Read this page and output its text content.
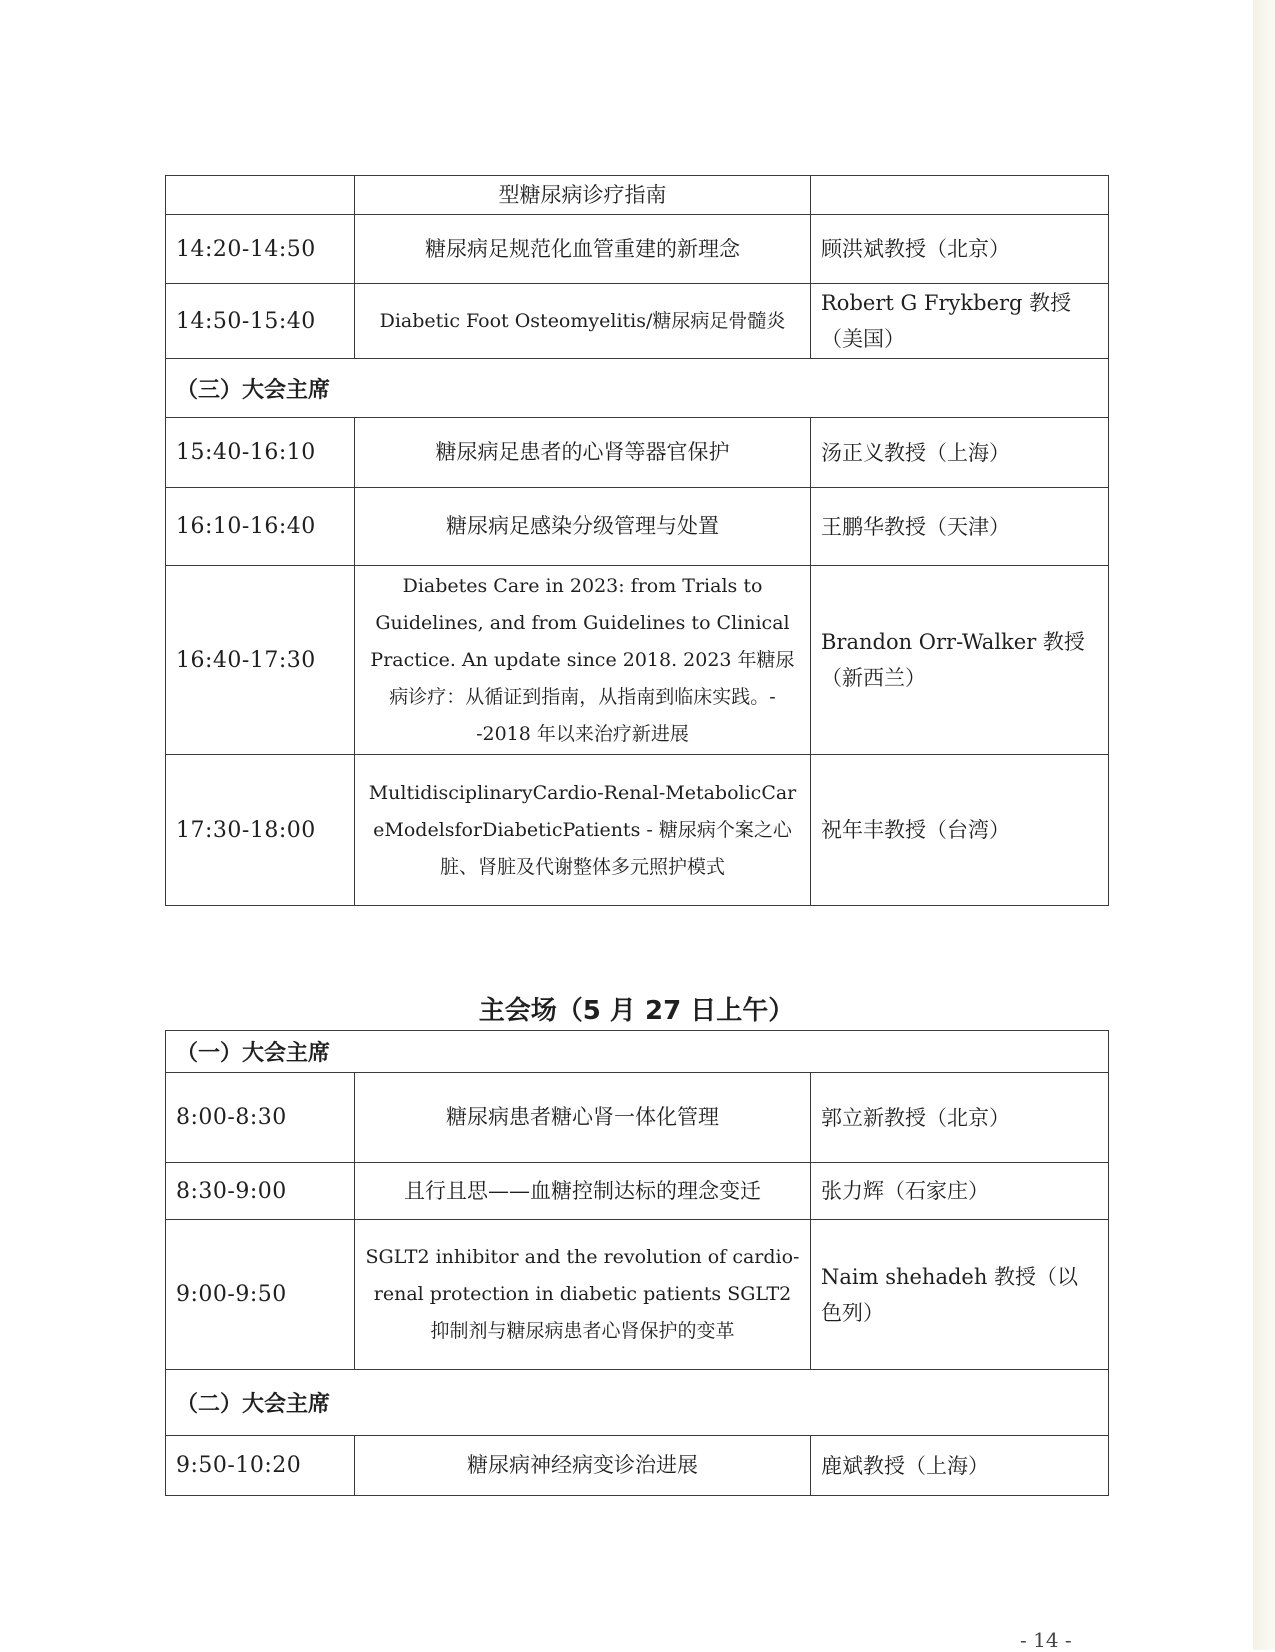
	型糖尿病诊疗指南	
14:20-14:50	糖尿病足规范化血管重建的新理念	顾洪斌教授（北京）
14:50-15:40	Diabetic Foot Osteomyelitis/糖尿病足骨髓炎	Robert G Frykberg 教授（美国）
（三）大会主席		
15:40-16:10	糖尿病足患者的心肾等器官保护	汤正义教授（上海）
16:10-16:40	糖尿病足感染分级管理与处置	王鹏华教授（天津）
16:40-17:30	Diabetes Care in 2023: from Trials to Guidelines, and from Guidelines to Clinical Practice. An update since 2018. 2023 年糖尿病诊疗：从循证到指南，从指南到临床实践。--2018 年以来治疗新进展	Brandon Orr-Walker 教授（新西兰）
17:30-18:00	MultidisciplinaryCardio-Renal-MetabolicCareModelsforDiabeticPatients - 糖尿病个案之心脏、肾脏及代谢整体多元照护模式	祝年丰教授（台湾）
主会场（5 月 27 日上午）
（一）大会主席		
8:00-8:30	糖尿病患者糖心肾一体化管理	郭立新教授（北京）
8:30-9:00	且行且思——血糖控制达标的理念变迁	张力辉（石家庄）
9:00-9:50	SGLT2 inhibitor and the revolution of cardio-renal protection in diabetic patients SGLT2 抑制剂与糖尿病患者心肾保护的变革	Naim shehadeh 教授（以色列）
（二）大会主席		
9:50-10:20	糖尿病神经病变诊治进展	鹿斌教授（上海）
- 14 -
